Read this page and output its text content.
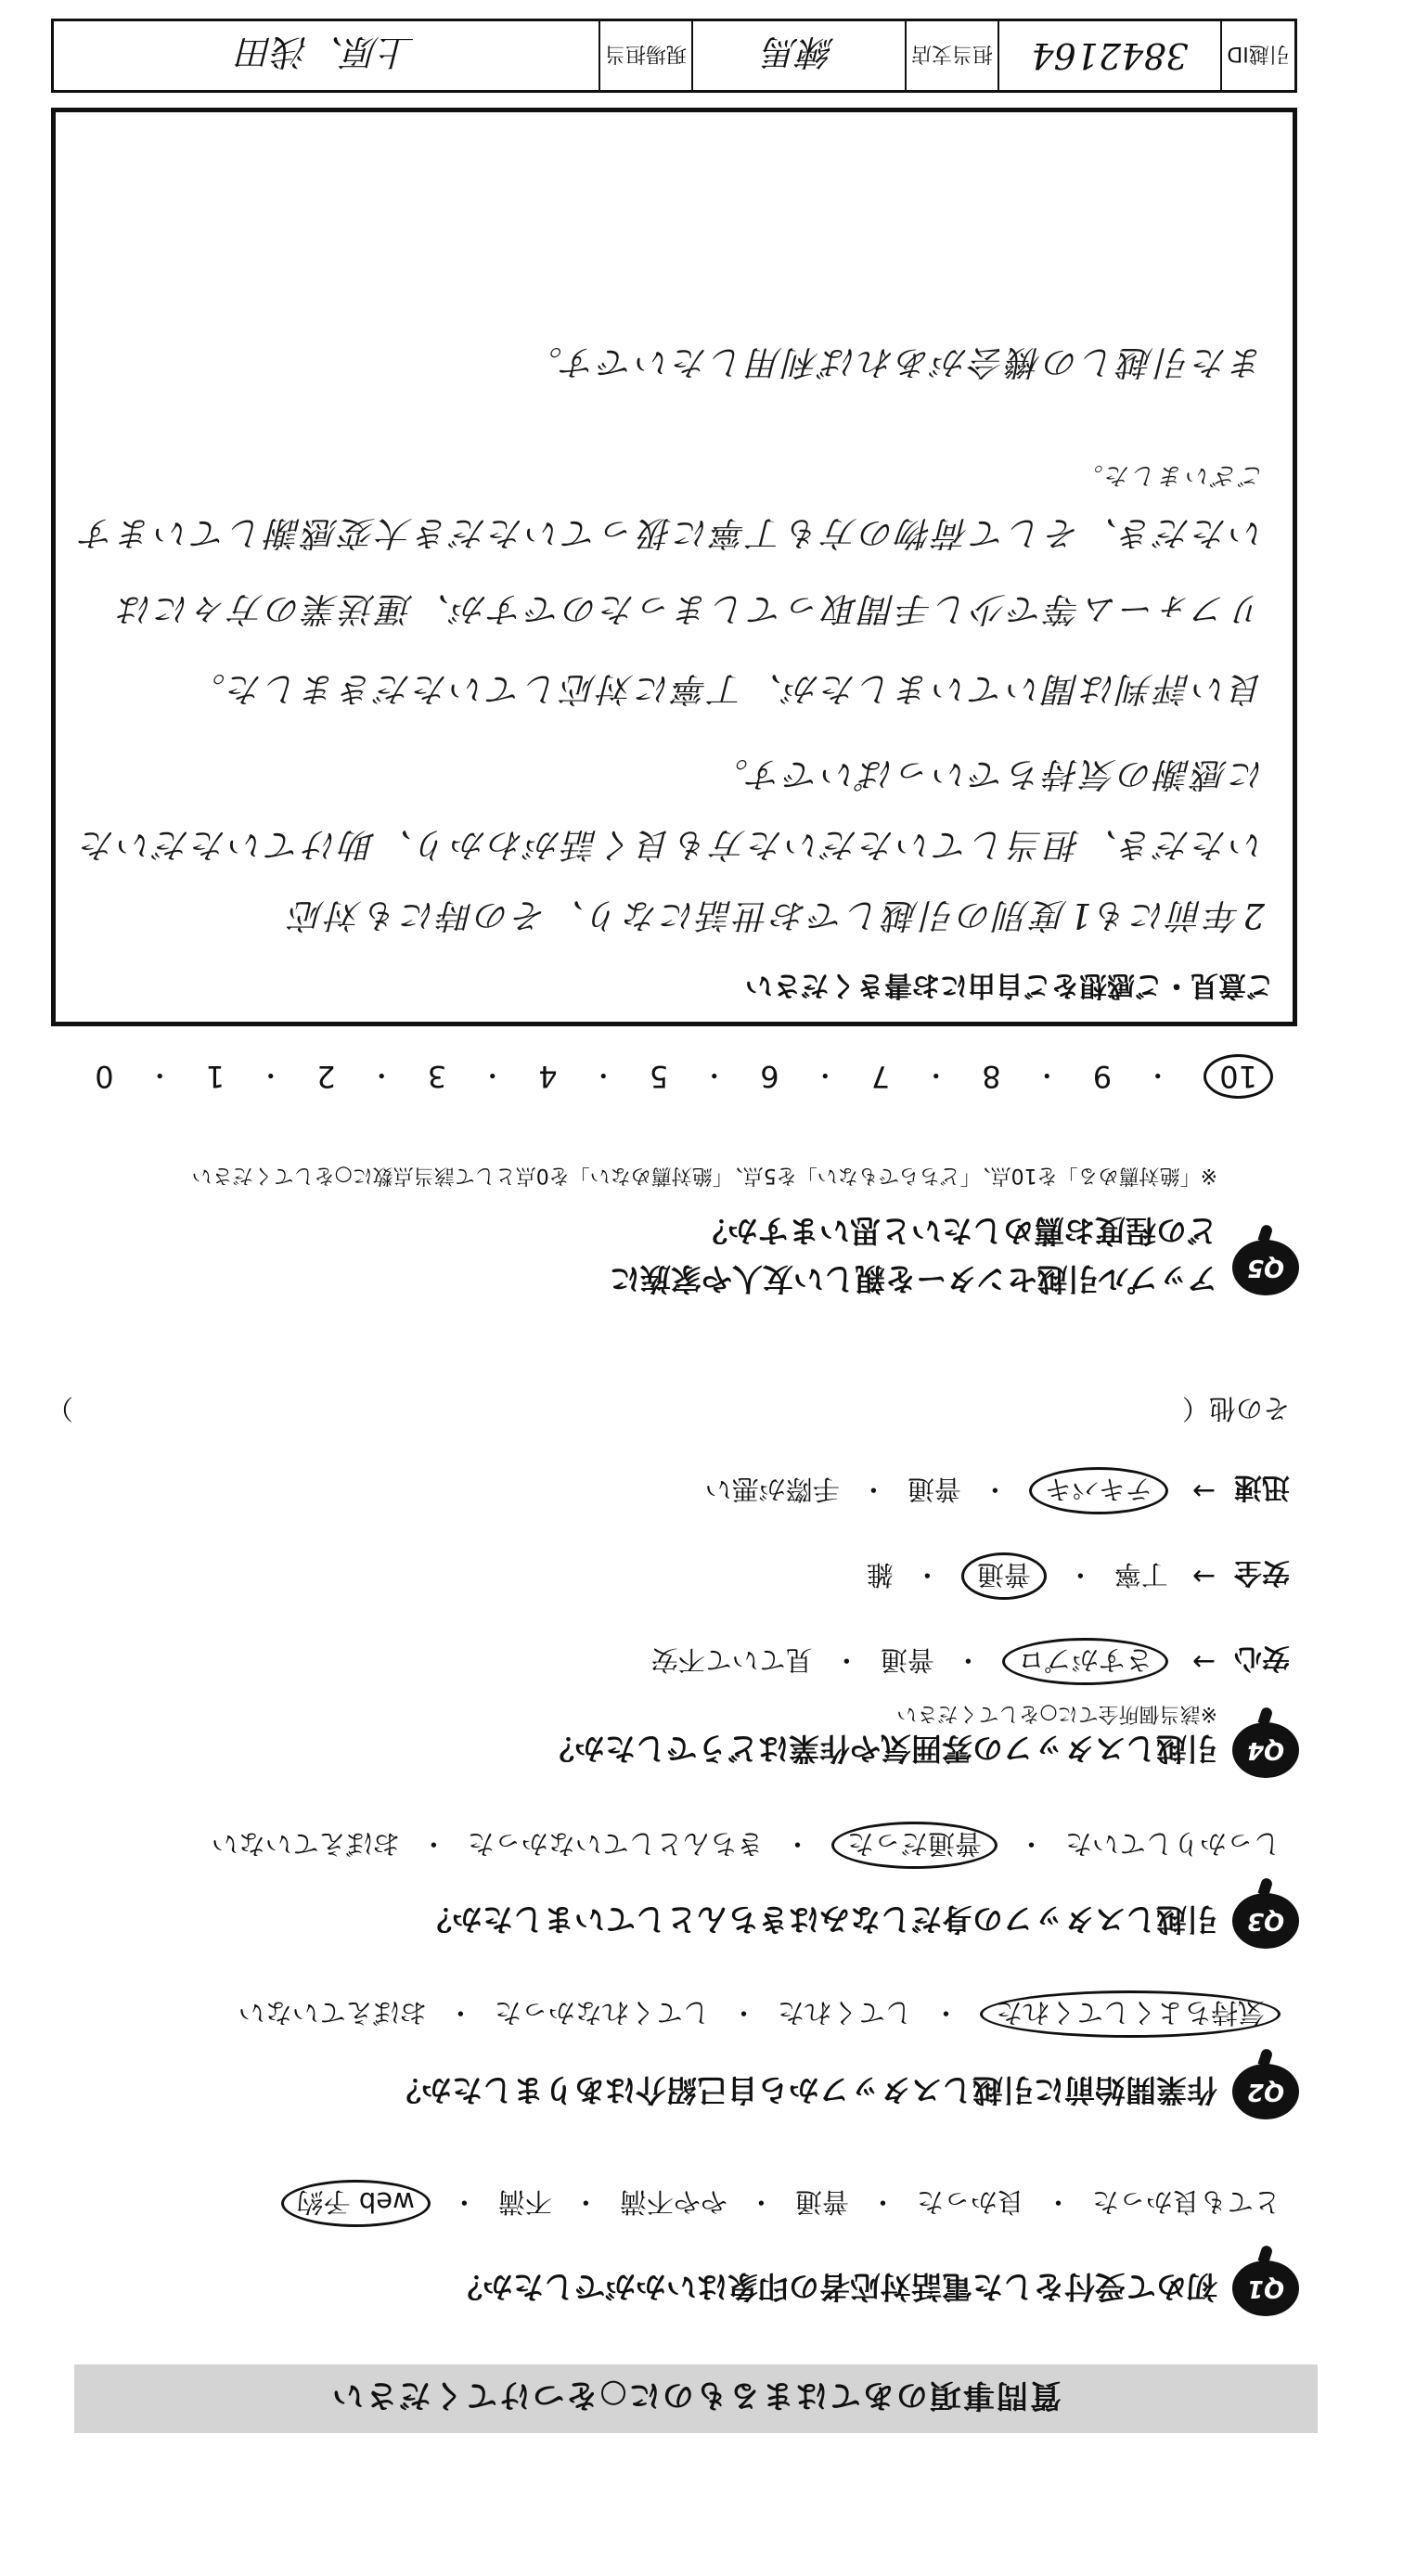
質問事項のあてはまるものに○をつけてください
Q1
初めて受付をした電話対応者の印象はいかがでしたか？
とても良かった
・
良かった
・
普通
・
やや不満
・
不満
・
web 予約
Q2
作業開始前に引越しスタッフから自己紹介はありましたか？
気持ちよくしてくれた
・
してくれた
・
してくれなかった
・
おぼえていない
Q3
引越しスタッフの身だしなみはきちんとしていましたか？
しっかりしていた
・
普通だった
・
きちんとしていなかった
・
おぼえていない
Q4
引越しスタッフの雰囲気や作業はどうでしたか？
※該当個所全てに○をしてください
安心
→
さすがプロ
・
普通
・
見ていて不安
安全
→
丁寧
・
普通
・
雑
迅速
→
テキパキ
・
普通
・
手際が悪い
その他（
）
Q5
アップル引越センターを親しい友人や家族に
どの程度お薦めしたいと思いますか？
※「絶対薦める」を10点、「どちらでもない」を5点、「絶対薦めない」を0点として該当点数に○をしてください
10
・
9
・
8
・
7
・
6
・
5
・
4
・
3
・
2
・
1
・
0
ご意見・ご感想をご自由にお書きください
2年前にも1度別の引越しでお世話になり、その時にも対応
いただき、担当していただいた方も良く話がわかり、助けていただいた
に感謝の気持ちでいっぱいです。
良い評判は聞いていましたが、丁寧に対応していただきました。
リフォーム等で少し手間取ってしまったのですが、運送業の方々には
いただき、そして荷物の方も丁寧に扱っていただき大変感謝しています
ございました。
また引越しの機会があれば利用したいです。
引越ID
3842164
担当支店
練馬
現場担当
上原、浅田
